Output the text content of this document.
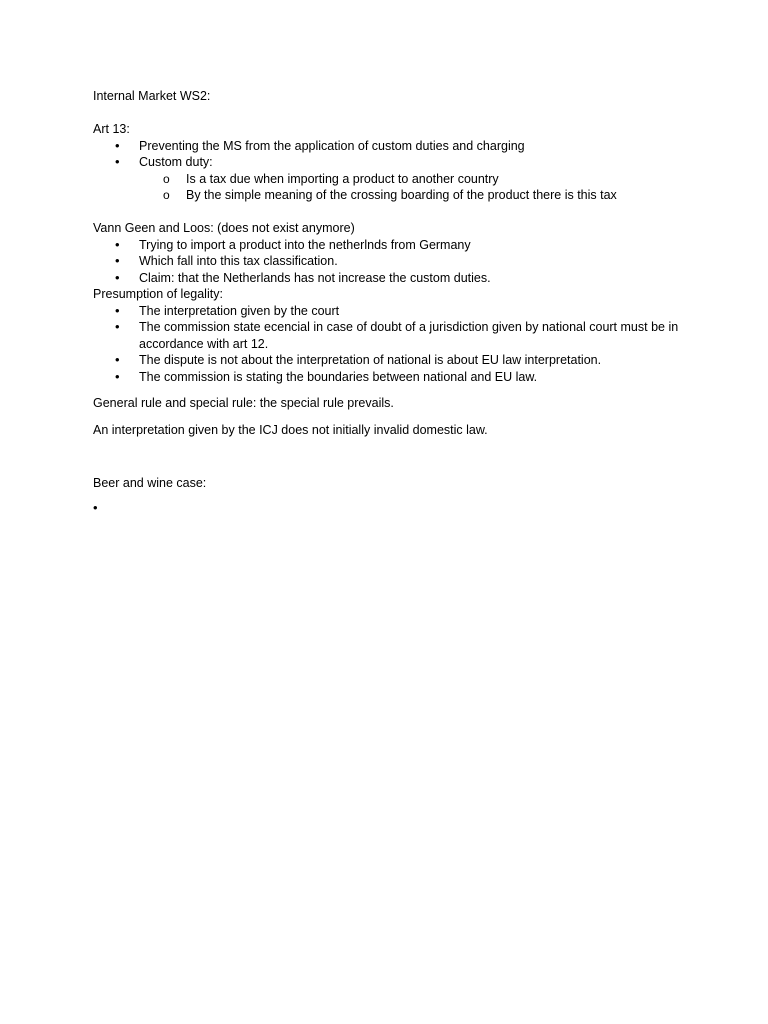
Internal Market WS2:

Art 13:

• Preventing the MS from the application of custom duties and charging
• Custom duty:
o Is a tax due when importing a product to another country
o By the simple meaning of the crossing boarding of the product there is this tax

Vann Geen and Loos: (does not exist anymore)

• Trying to import a product into the netherlnds from Germany
• Which fall into this tax classification.
• Claim: that the Netherlands has not increase the custom duties.

Presumption of legality:

• The interpretation given by the court
• The commission state ecencial in case of doubt of a jurisdiction given by national court must be in accordance with art 12.
• The dispute is not about the interpretation of national is about EU law interpretation.
• The commission is stating the boundaries between national and EU law.

General rule and special rule: the special rule prevails.

An interpretation given by the ICJ does not initially invalid domestic law.

Beer and wine case:

•
